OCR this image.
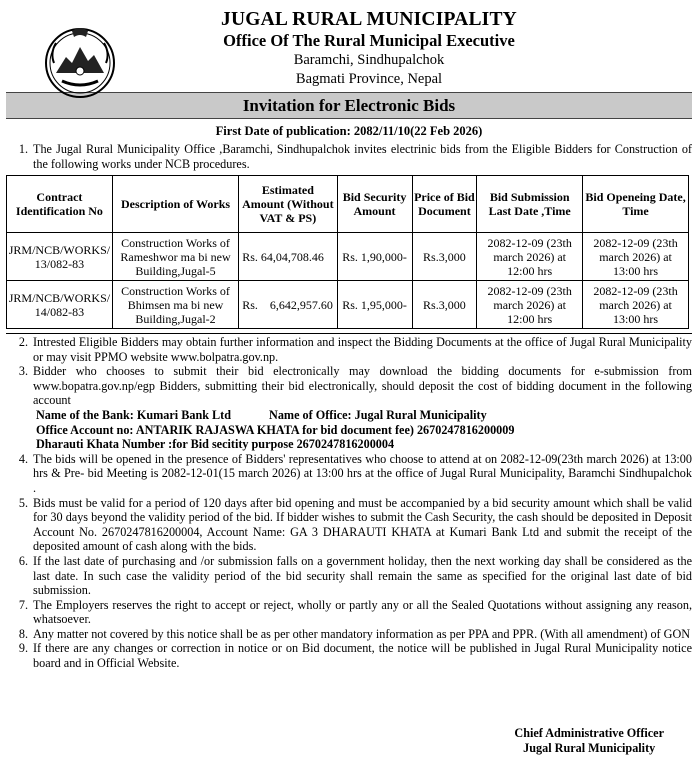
JUGAL RURAL MUNICIPALITY
Office Of The Rural Municipal Executive
Baramchi, Sindhupalchok
Bagmati Province, Nepal
Invitation for Electronic Bids
First Date of publication: 2082/11/10(22 Feb 2026)
1. The Jugal Rural Municipality Office ,Baramchi, Sindhupalchok invites electrinic bids from the Eligible Bidders for Construction of the following works under NCB procedures.
Contract Identification No	Description of Works	Estimated Amount (Without VAT & PS)	Bid Security Amount	Price of Bid Document	Bid Submission Last Date ,Time	Bid Openeing Date, Time
JRM/NCB/WORKS/13/082-83	Construction Works of Rameshwor ma bi new Building,Jugal-5	Rs. 64,04,708.46	Rs. 1,90,000-	Rs.3,000	2082-12-09 (23th march 2026) at 12:00 hrs	2082-12-09 (23th march 2026) at 13:00 hrs
JRM/NCB/WORKS/14/082-83	Construction Works of Bhimsen ma bi new Building,Jugal-2	Rs.    6,642,957.60	Rs. 1,95,000-	Rs.3,000	2082-12-09 (23th march 2026) at 12:00 hrs	2082-12-09 (23th march 2026) at 13:00 hrs
2. Intrested Eligible Bidders may obtain further information and inspect the Bidding Documents at the office of Jugal Rural Municipality or may visit PPMO website www.bolpatra.gov.np.
3. Bidder who chooses to submit their bid electronically may download the bidding documents for e-submission from www.bopatra.gov.np/egp Bidders, submitting their bid electronically, should deposit the cost of bidding document in the following account
Name of the Bank: Kumari Bank Ltd	Name of Office: Jugal Rural Municipality
Office Account no: ANTARIK RAJASWA KHATA for bid document fee) 2670247816200009
Dharauti Khata Number :for Bid secitity purpose 2670247816200004
4. The bids will be opened in the presence of Bidders' representatives who choose to attend at on 2082-12-09(23th march 2026) at 13:00 hrs & Pre- bid Meeting is 2082-12-01(15 march 2026) at 13:00 hrs at the office of Jugal Rural Municipality, Baramchi Sindhupalchok .
5. Bids must be valid for a period of 120 days after bid opening and must be accompanied by a bid security amount which shall be valid for 30 days beyond the validity period of the bid. If bidder wishes to submit the Cash Security, the cash should be deposited in Deposit Account No. 2670247816200004, Account Name: GA 3 DHARAUTI KHATA at Kumari Bank Ltd and submit the receipt of the deposited amount of cash along with the bids.
6. If the last date of purchasing and /or submission falls on a government holiday, then the next working day shall be considered as the last date. In such case the validity period of the bid security shall remain the same as specified for the original last date of bid submission.
7. The Employers reserves the right to accept or reject, wholly or partly any or all the Sealed Quotations without assigning any reason, whatsoever.
8. Any matter not covered by this notice shall be as per other mandatory information as per PPA and PPR. (With all amendment) of GON
9. If there are any changes or correction in notice or on Bid document, the notice will be published in Jugal Rural Municipality notice board and in Official Website.
Chief Administrative Officer
Jugal Rural Municipality
